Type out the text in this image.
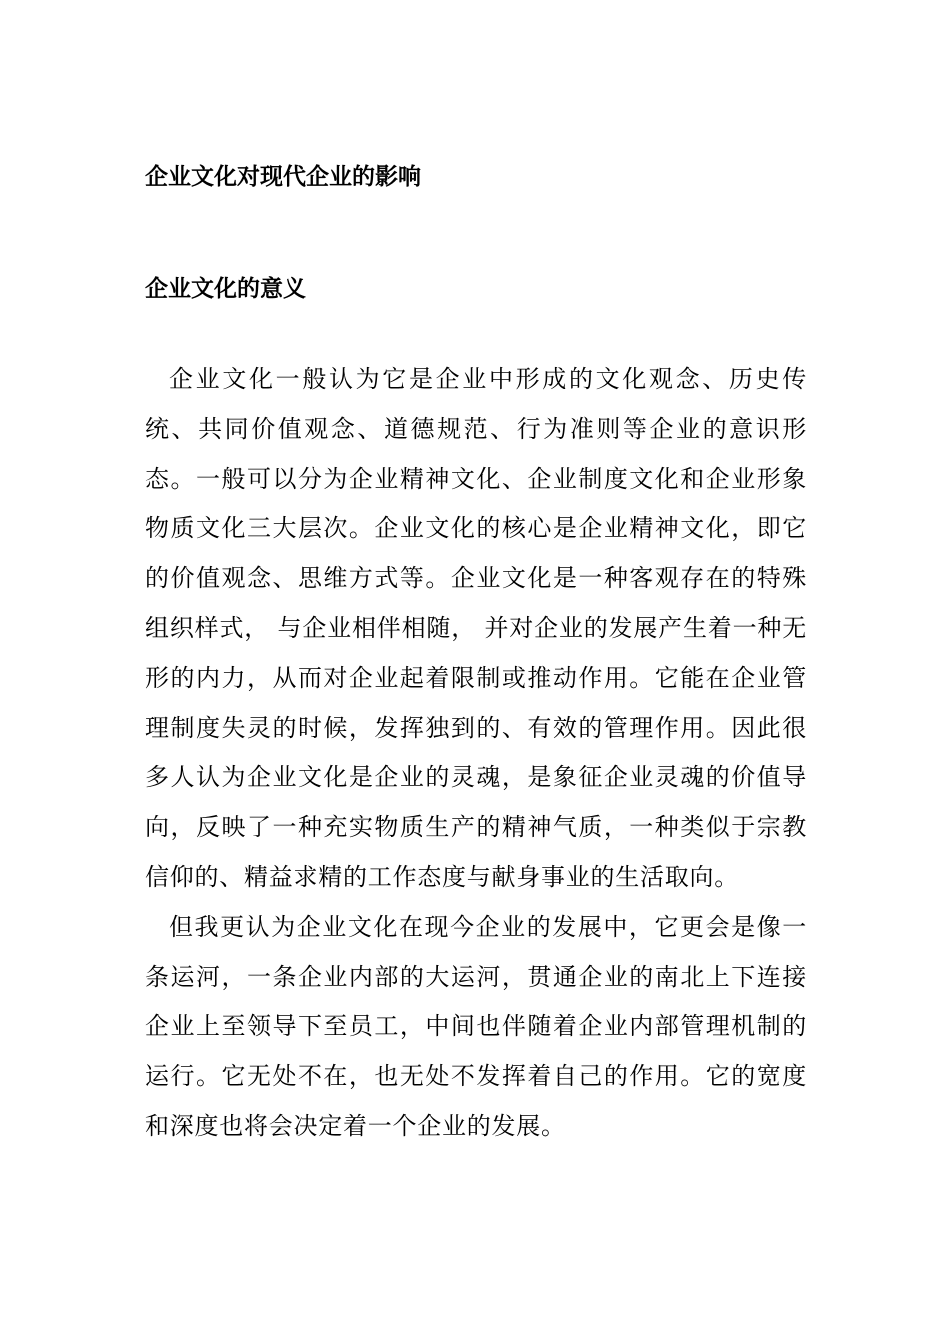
企业文化对现代企业的影响
企业文化的意义

企业文化一般认为它是企业中形成的文化观念、历史传统、共同价值观念、道德规范、行为准则等企业的意识形态。一般可以分为企业精神文化、企业制度文化和企业形象物质文化三大层次。企业文化的核心是企业精神文化，即它的价值观念、思维方式等。企业文化是一种客观存在的特殊组织样式， 与企业相伴相随， 并对企业的发展产生着一种无形的内力，从而对企业起着限制或推动作用。它能在企业管理制度失灵的时候，发挥独到的、有效的管理作用。因此很多人认为企业文化是企业的灵魂，是象征企业灵魂的价值导向，反映了一种充实物质生产的精神气质，一种类似于宗教信仰的、精益求精的工作态度与献身事业的生活取向。

但我更认为企业文化在现今企业的发展中，它更会是像一条运河，一条企业内部的大运河，贯通企业的南北上下连接企业上至领导下至员工，中间也伴随着企业内部管理机制的运行。它无处不在，也无处不发挥着自己的作用。它的宽度和深度也将会决定着一个企业的发展。
